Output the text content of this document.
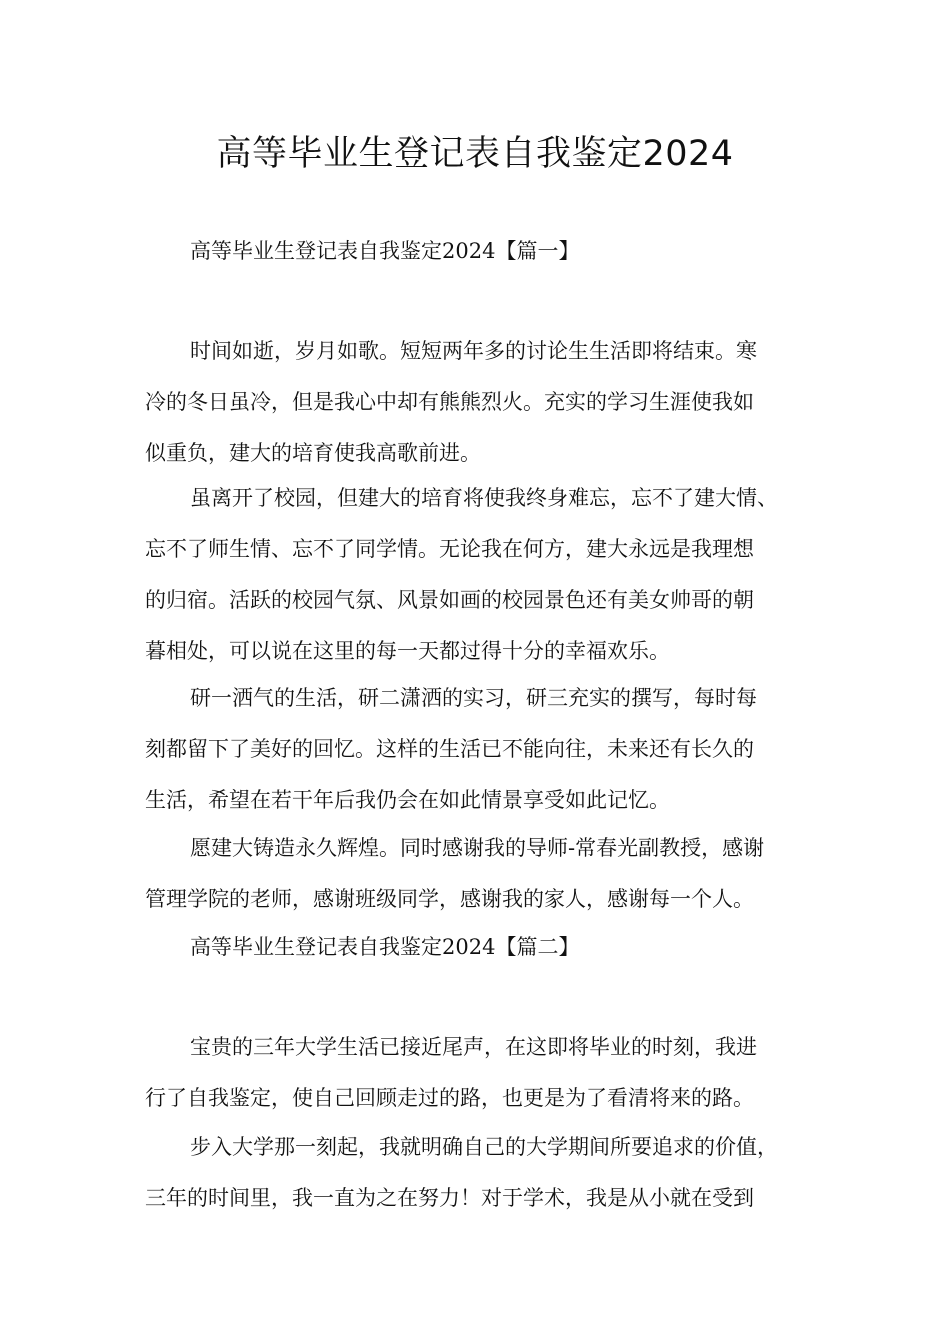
高等毕业生登记表自我鉴定2024
高等毕业生登记表自我鉴定2024【篇一】
时间如逝，岁月如歌。短短两年多的讨论生生活即将结束。寒
冷的冬日虽冷，但是我心中却有熊熊烈火。充实的学习生涯使我如
似重负，建大的培育使我高歌前进。
虽离开了校园，但建大的培育将使我终身难忘，忘不了建大情、
忘不了师生情、忘不了同学情。无论我在何方，建大永远是我理想
的归宿。活跃的校园气氛、风景如画的校园景色还有美女帅哥的朝
暮相处，可以说在这里的每一天都过得十分的幸福欢乐。
研一洒气的生活，研二潇洒的实习，研三充实的撰写，每时每
刻都留下了美好的回忆。这样的生活已不能向往，未来还有长久的
生活，希望在若干年后我仍会在如此情景享受如此记忆。
愿建大铸造永久辉煌。同时感谢我的导师-常春光副教授，感谢
管理学院的老师，感谢班级同学，感谢我的家人，感谢每一个人。
高等毕业生登记表自我鉴定2024【篇二】
宝贵的三年大学生活已接近尾声，在这即将毕业的时刻，我进
行了自我鉴定，使自己回顾走过的路，也更是为了看清将来的路。
步入大学那一刻起，我就明确自己的大学期间所要追求的价值，
三年的时间里，我一直为之在努力！对于学术，我是从小就在受到
